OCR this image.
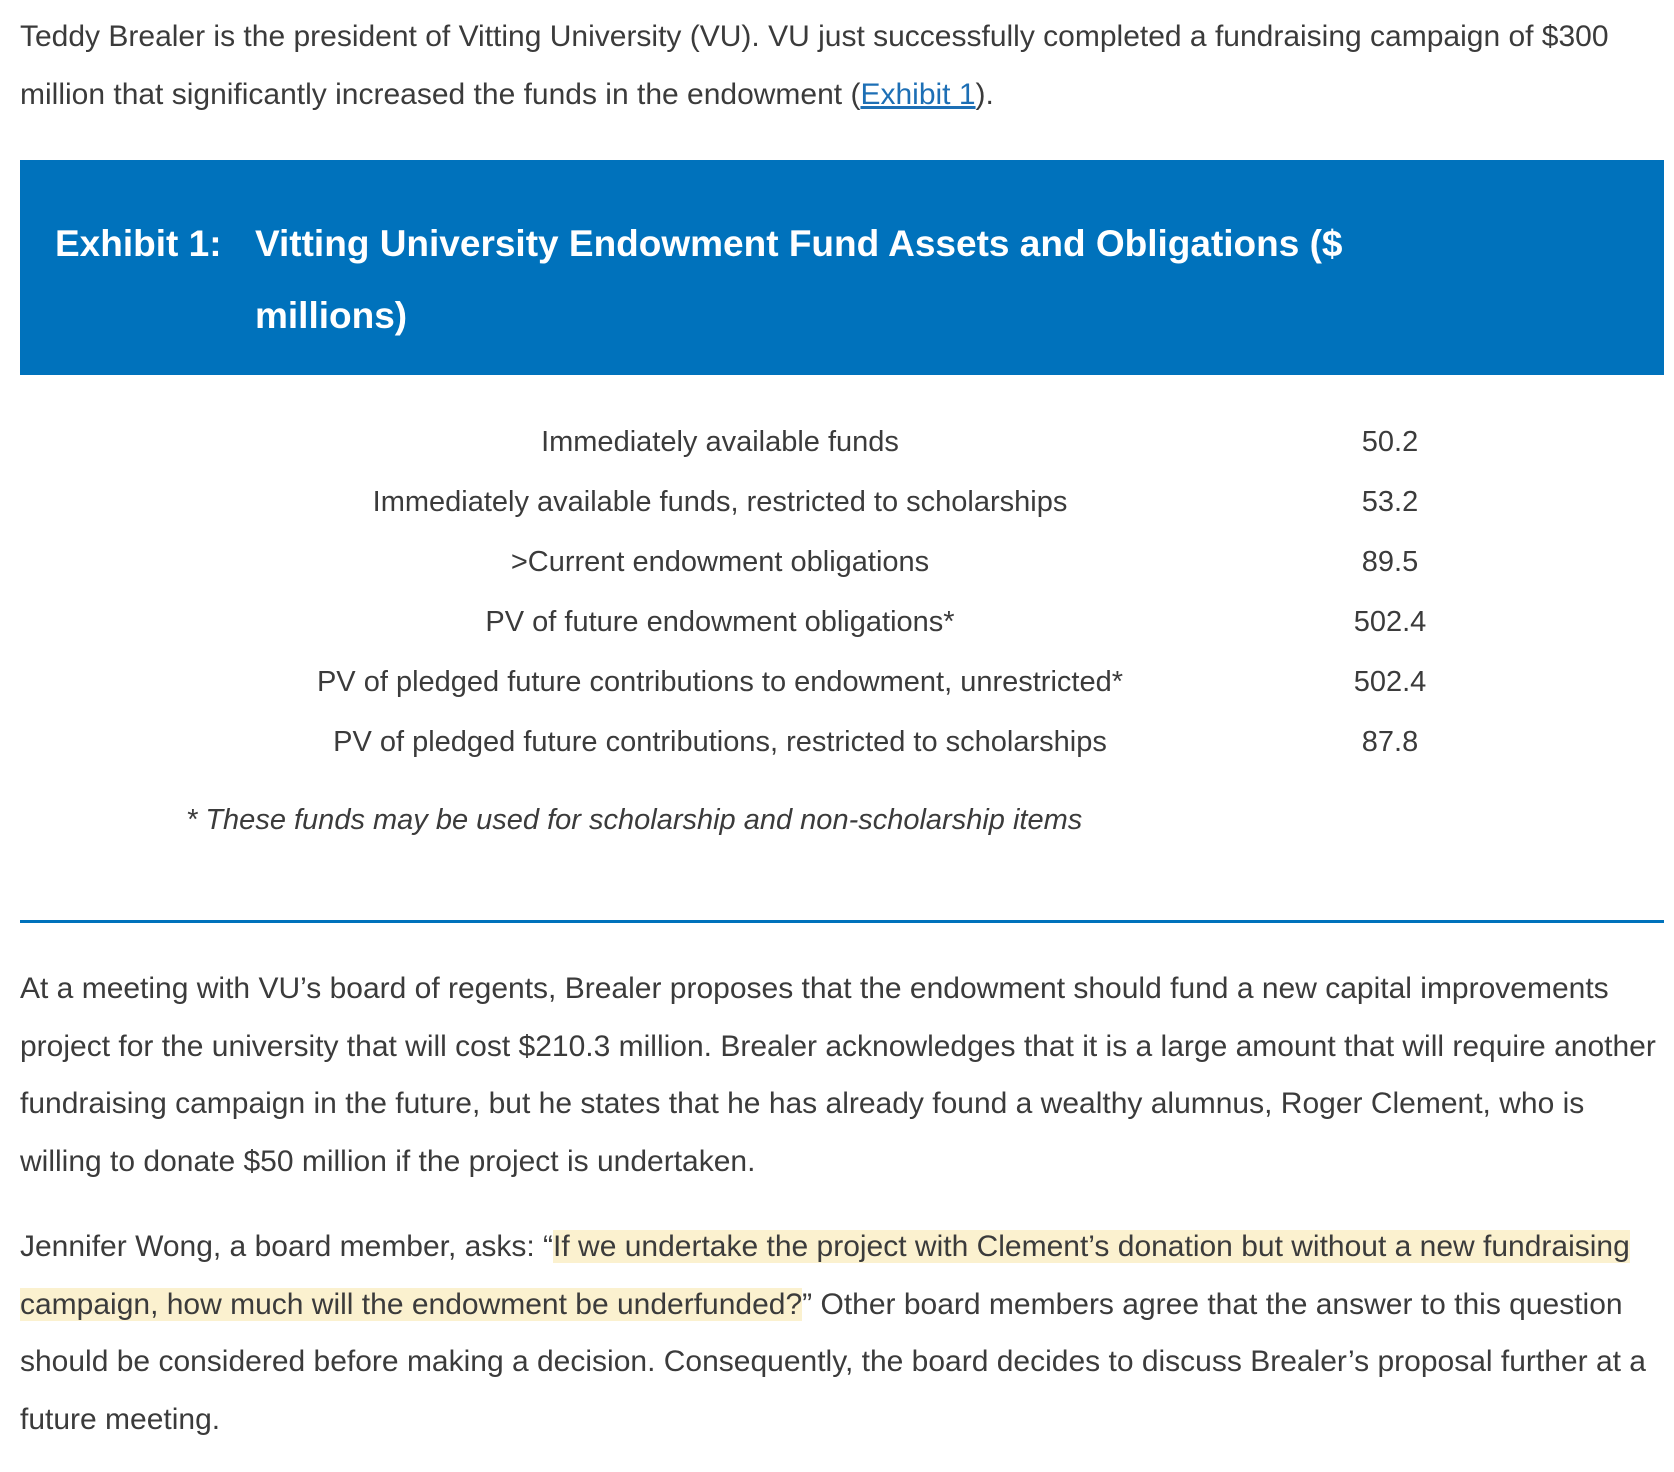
Teddy Brealer is the president of Vitting University (VU). VU just successfully completed a fundraising campaign of $300 million that significantly increased the funds in the endowment (Exhibit 1).

Exhibit 1: Vitting University Endowment Fund Assets and Obligations ($ millions)
Immediately available funds	50.2
Immediately available funds, restricted to scholarships	53.2
>Current endowment obligations	89.5
PV of future endowment obligations*	502.4
PV of pledged future contributions to endowment, unrestricted*	502.4
PV of pledged future contributions, restricted to scholarships	87.8
* These funds may be used for scholarship and non-scholarship items

At a meeting with VU’s board of regents, Brealer proposes that the endowment should fund a new capital improvements project for the university that will cost $210.3 million. Brealer acknowledges that it is a large amount that will require another fundraising campaign in the future, but he states that he has already found a wealthy alumnus, Roger Clement, who is willing to donate $50 million if the project is undertaken.

Jennifer Wong, a board member, asks: “If we undertake the project with Clement’s donation but without a new fundraising campaign, how much will the endowment be underfunded?” Other board members agree that the answer to this question should be considered before making a decision. Consequently, the board decides to discuss Brealer’s proposal further at a future meeting.
